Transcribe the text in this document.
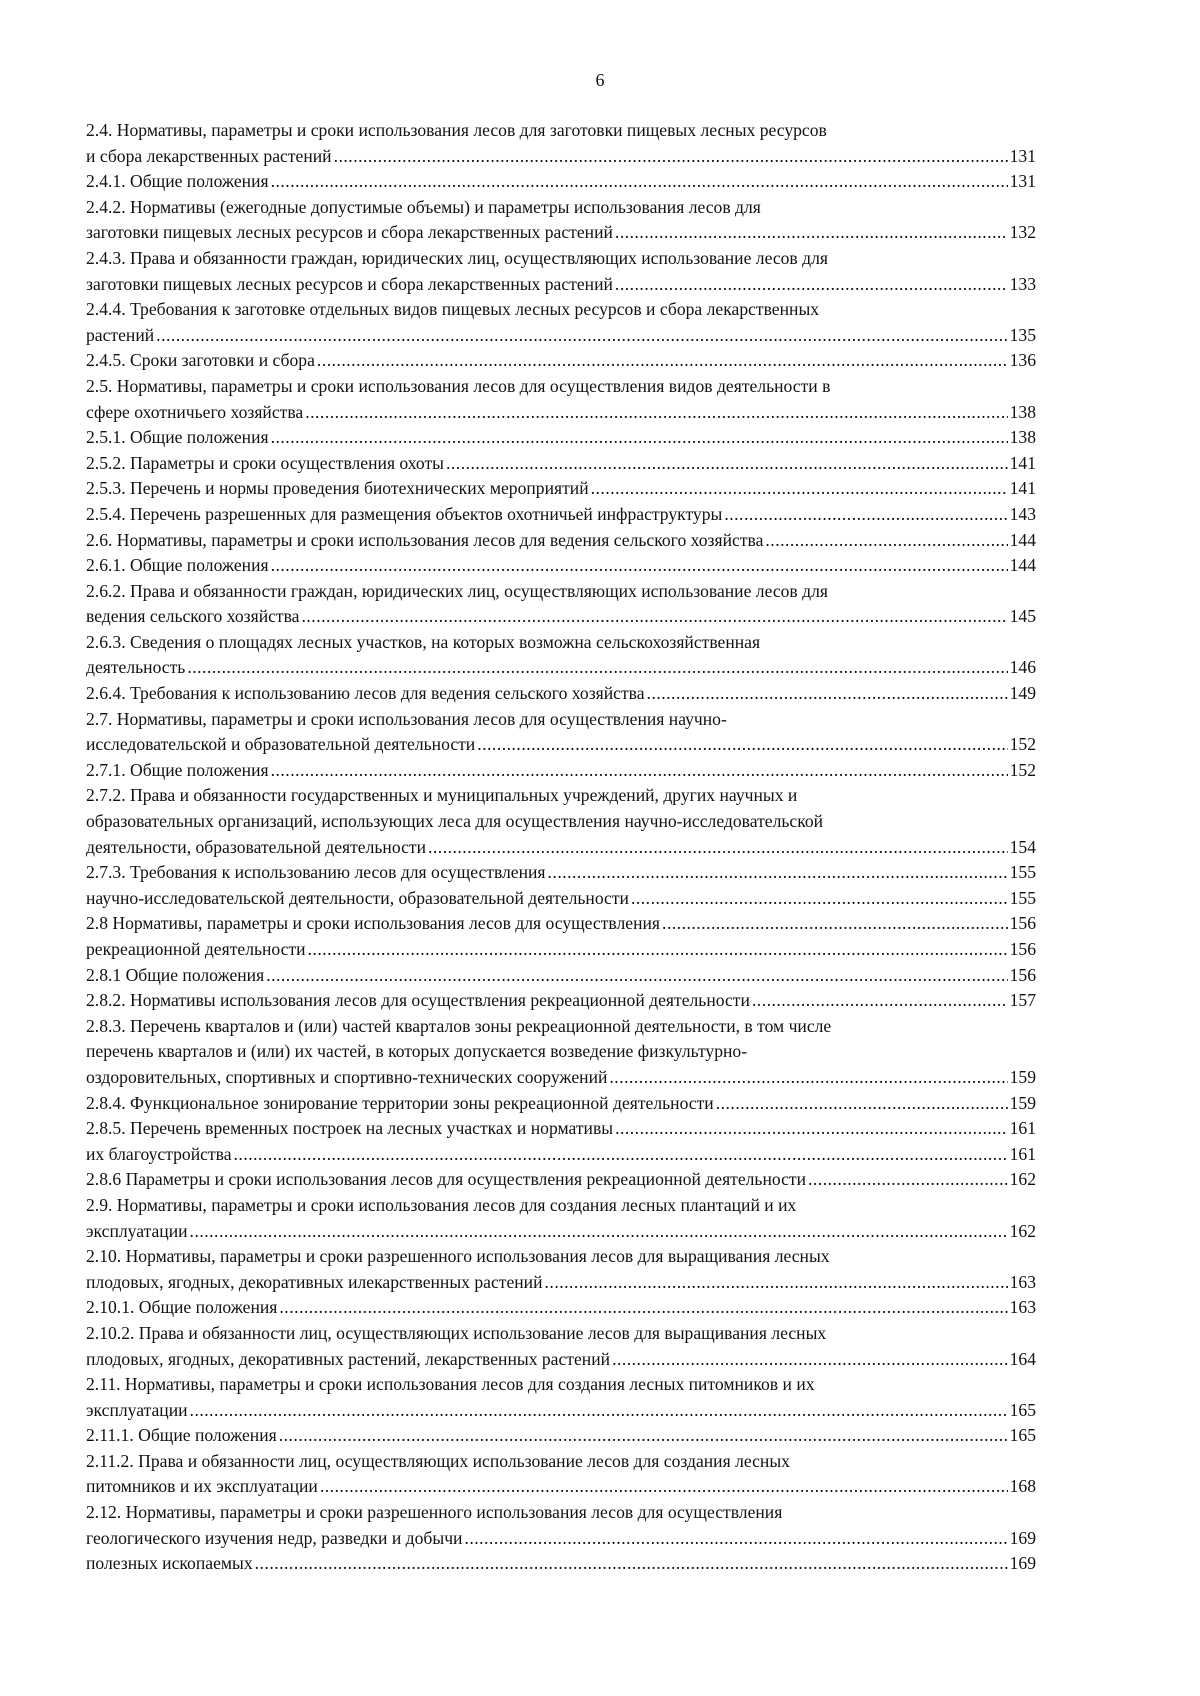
6
2.4. Нормативы, параметры и сроки использования лесов для заготовки пищевых лесных ресурсов
и сбора лекарственных растений .....	131
2.4.1. Общие положения .....	131
2.4.2. Нормативы (ежегодные допустимые объемы) и параметры использования лесов для
заготовки пищевых лесных ресурсов и сбора лекарственных растений .....	132
2.4.3. Права и обязанности граждан, юридических лиц, осуществляющих использование лесов для
заготовки пищевых лесных ресурсов и сбора лекарственных растений .....	133
2.4.4. Требования к заготовке отдельных видов пищевых лесных ресурсов и сбора лекарственных
растений .....	135
2.4.5. Сроки заготовки и сбора .....	136
2.5. Нормативы, параметры и сроки использования лесов для осуществления видов деятельности в
сфере охотничьего хозяйства .....	138
2.5.1. Общие положения .....	138
2.5.2. Параметры и сроки осуществления охоты .....	141
2.5.3. Перечень и нормы проведения биотехнических мероприятий .....	141
2.5.4. Перечень разрешенных для размещения объектов охотничьей инфраструктуры .....	143
2.6. Нормативы, параметры и сроки использования лесов для ведения сельского хозяйства .....	144
2.6.1. Общие положения .....	144
2.6.2. Права и обязанности граждан, юридических лиц, осуществляющих использование лесов для
ведения сельского хозяйства .....	145
2.6.3. Сведения о площадях лесных участков, на которых возможна сельскохозяйственная
деятельность .....	146
2.6.4. Требования к использованию лесов для ведения сельского хозяйства .....	149
2.7. Нормативы, параметры и сроки использования лесов для осуществления научно-
исследовательской и образовательной деятельности .....	152
2.7.1. Общие положения .....	152
2.7.2. Права и обязанности государственных и муниципальных учреждений, других научных и
образовательных организаций, использующих леса для осуществления научно-исследовательской
деятельности, образовательной деятельности .....	154
2.7.3. Требования к использованию лесов для осуществления .....	155
научно-исследовательской деятельности, образовательной деятельности .....	155
2.8 Нормативы, параметры и сроки использования лесов для осуществления .....	156
рекреационной деятельности .....	156
2.8.1 Общие положения .....	156
2.8.2. Нормативы использования лесов для осуществления рекреационной деятельности .....	157
2.8.3. Перечень кварталов и (или) частей кварталов зоны рекреационной деятельности, в том числе
перечень кварталов и (или) их частей, в которых допускается возведение физкультурно-
оздоровительных, спортивных и спортивно-технических сооружений .....	159
2.8.4. Функциональное зонирование территории зоны рекреационной деятельности .....	159
2.8.5. Перечень временных построек на лесных участках и нормативы .....	161
их благоустройства .....	161
2.8.6 Параметры и сроки использования лесов для осуществления рекреационной деятельности .....	162
2.9. Нормативы, параметры и сроки использования лесов для создания лесных плантаций и их
эксплуатации .....	162
2.10. Нормативы, параметры и сроки разрешенного использования лесов для выращивания лесных
плодовых, ягодных, декоративных илекарственных растений .....	163
2.10.1. Общие положения .....	163
2.10.2. Права и обязанности лиц, осуществляющих использование лесов для выращивания лесных
плодовых, ягодных, декоративных растений, лекарственных растений .....	164
2.11. Нормативы, параметры и сроки использования лесов для создания лесных питомников и их
эксплуатации .....	165
2.11.1. Общие положения .....	165
2.11.2. Права и обязанности лиц, осуществляющих использование лесов для создания лесных
питомников и их эксплуатации .....	168
2.12. Нормативы, параметры и сроки разрешенного использования лесов для осуществления
геологического изучения недр, разведки и добычи .....	169
полезных ископаемых .....	169
